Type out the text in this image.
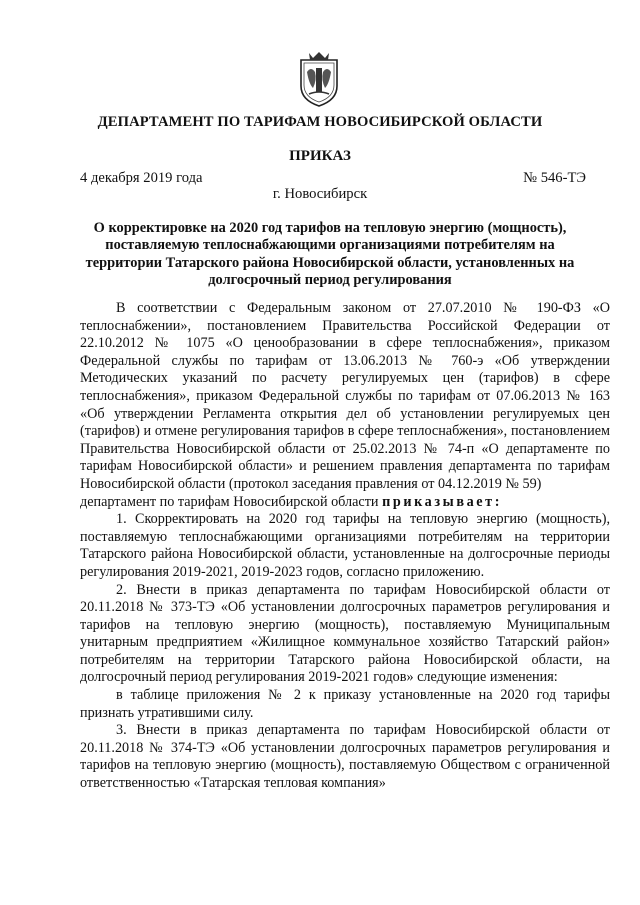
ДЕПАРТАМЕНТ ПО ТАРИФАМ НОВОСИБИРСКОЙ ОБЛАСТИ
ПРИКАЗ
4 декабря 2019 года	№ 546-ТЭ
г. Новосибирск
О корректировке на 2020 год тарифов на тепловую энергию (мощность), поставляемую теплоснабжающими организациями потребителям на территории Татарского района Новосибирской области, установленных на долгосрочный период регулирования

В соответствии с Федеральным законом от 27.07.2010 № 190-ФЗ «О теплоснабжении», постановлением Правительства Российской Федерации от 22.10.2012 № 1075 «О ценообразовании в сфере теплоснабжения», приказом Федеральной службы по тарифам от 13.06.2013 № 760-э «Об утверждении Методических указаний по расчету регулируемых цен (тарифов) в сфере теплоснабжения», приказом Федеральной службы по тарифам от 07.06.2013 № 163 «Об утверждении Регламента открытия дел об установлении регулируемых цен (тарифов) и отмене регулирования тарифов в сфере теплоснабжения», постановлением Правительства Новосибирской области от 25.02.2013 № 74-п «О департаменте по тарифам Новосибирской области» и решением правления департамента по тарифам Новосибирской области (протокол заседания правления от 04.12.2019 № 59)

департамент по тарифам Новосибирской области приказывает:

1. Скорректировать на 2020 год тарифы на тепловую энергию (мощность), поставляемую теплоснабжающими организациями потребителям на территории Татарского района Новосибирской области, установленные на долгосрочные периоды регулирования 2019-2021, 2019-2023 годов, согласно приложению.

2. Внести в приказ департамента по тарифам Новосибирской области от 20.11.2018 № 373-ТЭ «Об установлении долгосрочных параметров регулирования и тарифов на тепловую энергию (мощность), поставляемую Муниципальным унитарным предприятием «Жилищное коммунальное хозяйство Татарский район» потребителям на территории Татарского района Новосибирской области, на долгосрочный период регулирования 2019-2021 годов» следующие изменения:

в таблице приложения № 2 к приказу установленные на 2020 год тарифы признать утратившими силу.

3. Внести в приказ департамента по тарифам Новосибирской области от 20.11.2018 № 374-ТЭ «Об установлении долгосрочных параметров регулирования и тарифов на тепловую энергию (мощность), поставляемую Обществом с ограниченной ответственностью «Татарская тепловая компания»
